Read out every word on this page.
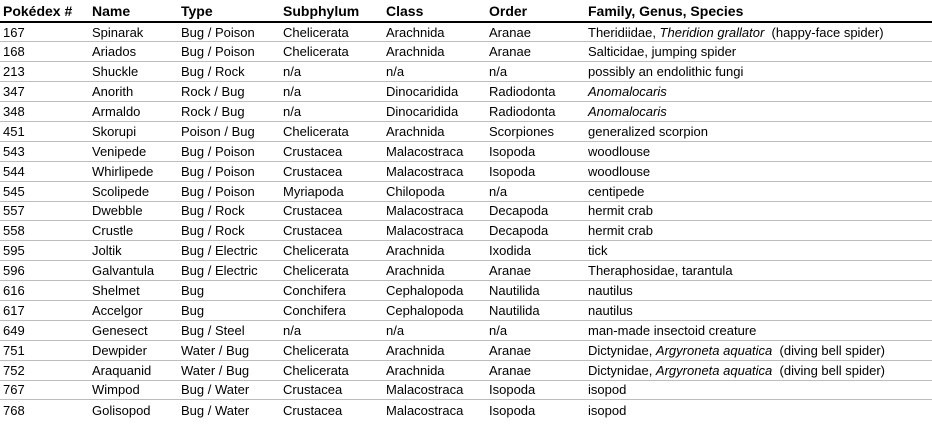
Pokédex #	Name	Type	Subphylum	Class	Order	Family, Genus, Species
167	Spinarak	Bug / Poison	Chelicerata	Arachnida	Aranae	Theridiidae, Theridion grallator  (happy-face spider)
168	Ariados	Bug / Poison	Chelicerata	Arachnida	Aranae	Salticidae, jumping spider
213	Shuckle	Bug / Rock	n/a	n/a	n/a	possibly an endolithic fungi
347	Anorith	Rock / Bug	n/a	Dinocaridida	Radiodonta	Anomalocaris
348	Armaldo	Rock / Bug	n/a	Dinocaridida	Radiodonta	Anomalocaris
451	Skorupi	Poison / Bug	Chelicerata	Arachnida	Scorpiones	generalized scorpion
543	Venipede	Bug / Poison	Crustacea	Malacostraca	Isopoda	woodlouse
544	Whirlipede	Bug / Poison	Crustacea	Malacostraca	Isopoda	woodlouse
545	Scolipede	Bug / Poison	Myriapoda	Chilopoda	n/a	centipede
557	Dwebble	Bug / Rock	Crustacea	Malacostraca	Decapoda	hermit crab
558	Crustle	Bug / Rock	Crustacea	Malacostraca	Decapoda	hermit crab
595	Joltik	Bug / Electric	Chelicerata	Arachnida	Ixodida	tick
596	Galvantula	Bug / Electric	Chelicerata	Arachnida	Aranae	Theraphosidae, tarantula
616	Shelmet	Bug	Conchifera	Cephalopoda	Nautilida	nautilus
617	Accelgor	Bug	Conchifera	Cephalopoda	Nautilida	nautilus
649	Genesect	Bug / Steel	n/a	n/a	n/a	man-made insectoid creature
751	Dewpider	Water / Bug	Chelicerata	Arachnida	Aranae	Dictynidae, Argyroneta aquatica  (diving bell spider)
752	Araquanid	Water / Bug	Chelicerata	Arachnida	Aranae	Dictynidae, Argyroneta aquatica  (diving bell spider)
767	Wimpod	Bug / Water	Crustacea	Malacostraca	Isopoda	isopod
768	Golisopod	Bug / Water	Crustacea	Malacostraca	Isopoda	isopod
